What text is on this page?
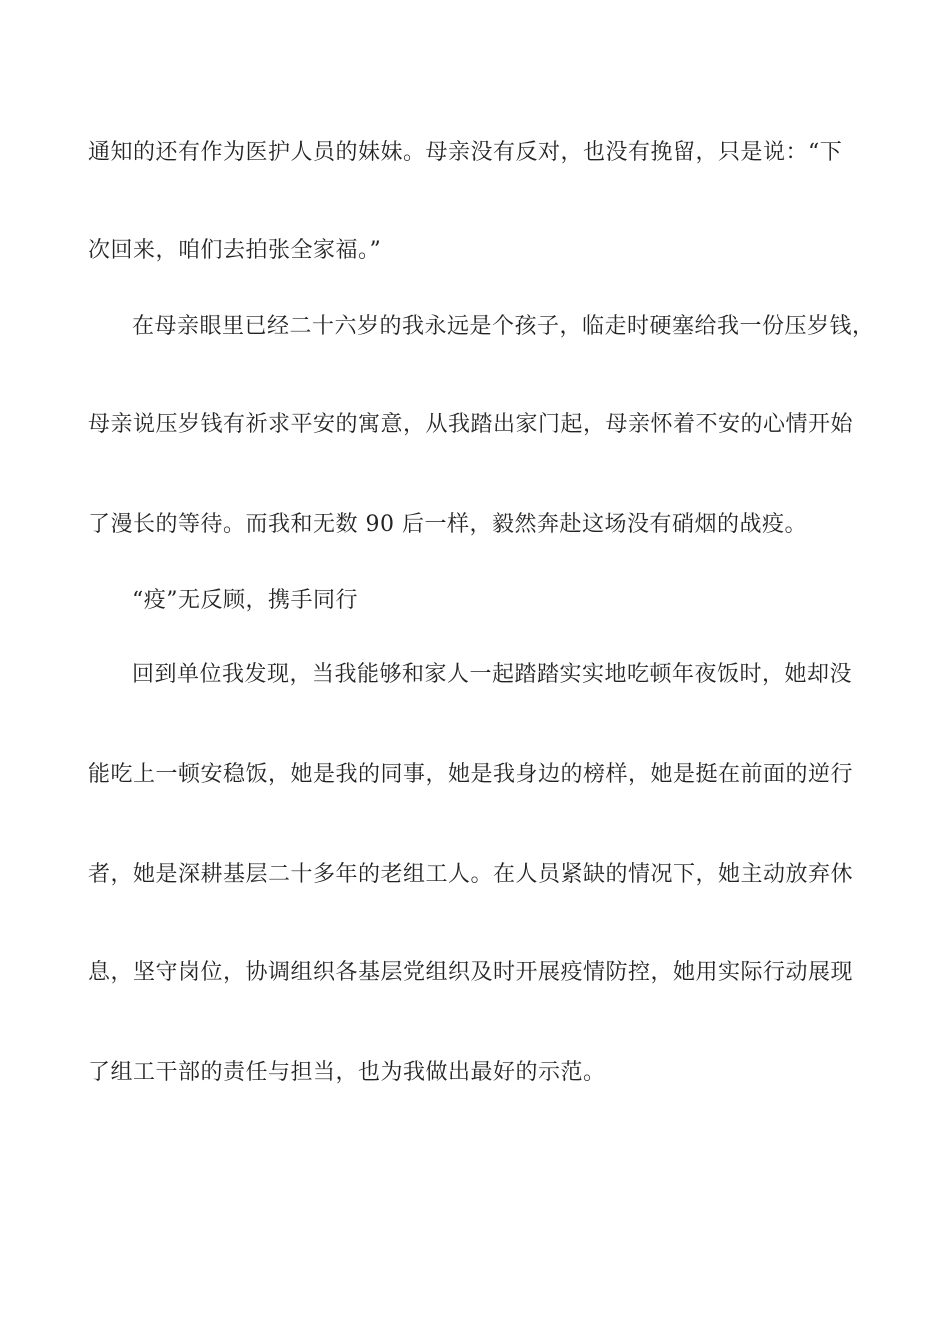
通知的还有作为医护人员的妹妹。母亲没有反对，也没有挽留，只是说：“下
次回来，咱们去拍张全家福。”
在母亲眼里已经二十六岁的我永远是个孩子，临走时硬塞给我一份压岁钱，
母亲说压岁钱有祈求平安的寓意，从我踏出家门起，母亲怀着不安的心情开始
了漫长的等待。而我和无数 90 后一样，毅然奔赴这场没有硝烟的战疫。
“疫”无反顾，携手同行
回到单位我发现，当我能够和家人一起踏踏实实地吃顿年夜饭时，她却没
能吃上一顿安稳饭，她是我的同事，她是我身边的榜样，她是挺在前面的逆行
者，她是深耕基层二十多年的老组工人。在人员紧缺的情况下，她主动放弃休
息，坚守岗位，协调组织各基层党组织及时开展疫情防控，她用实际行动展现
了组工干部的责任与担当，也为我做出最好的示范。
